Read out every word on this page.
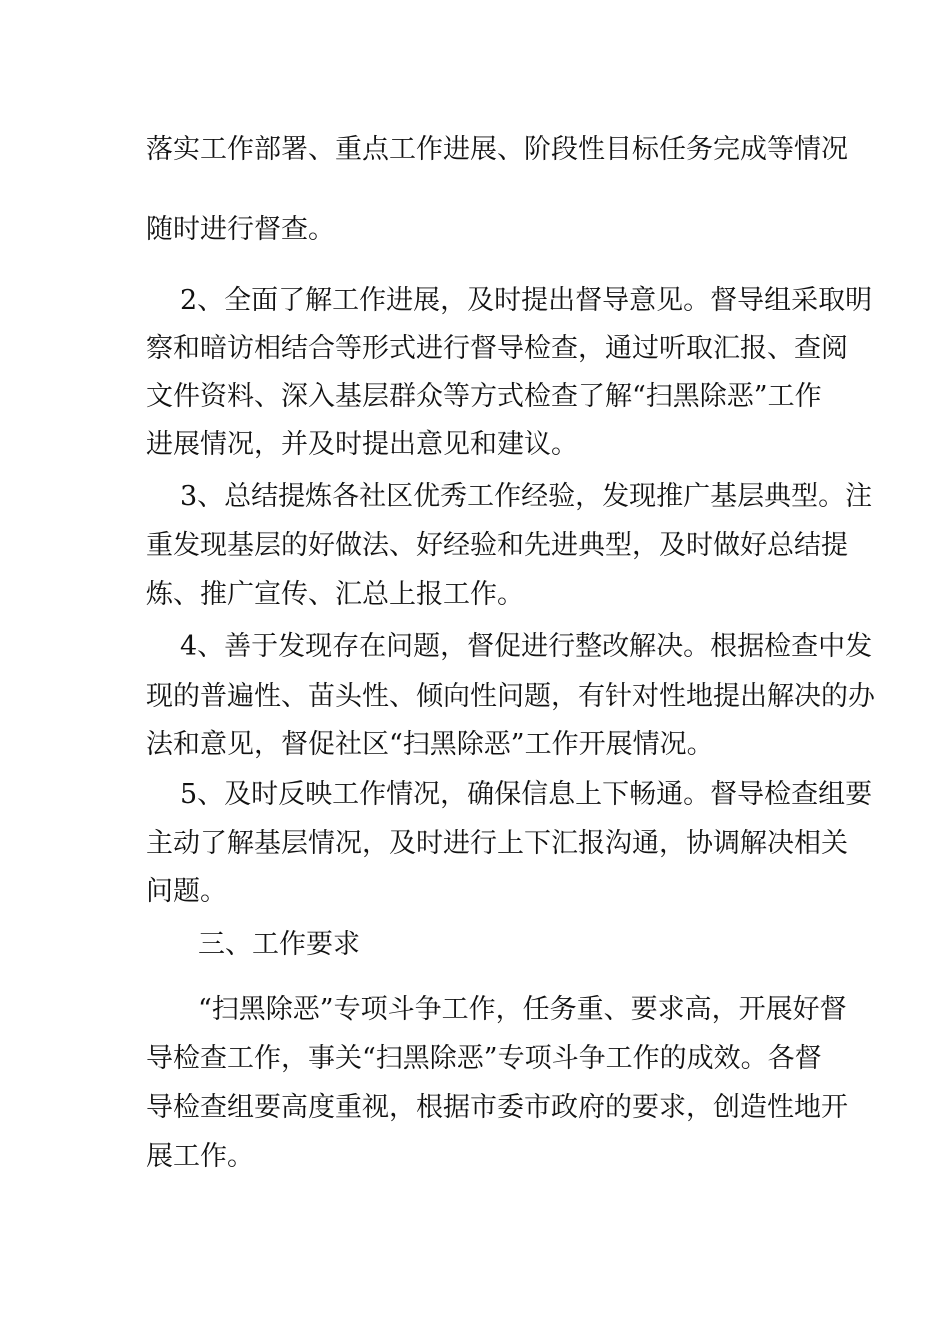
落实工作部署、重点工作进展、阶段性目标任务完成等情况
随时进行督查。
2、全面了解工作进展，及时提出督导意见。督导组采取明
察和暗访相结合等形式进行督导检查，通过听取汇报、查阅
文件资料、深入基层群众等方式检查了解“扫黑除恶”工作
进展情况，并及时提出意见和建议。
3、总结提炼各社区优秀工作经验，发现推广基层典型。注
重发现基层的好做法、好经验和先进典型，及时做好总结提
炼、推广宣传、汇总上报工作。
4、善于发现存在问题，督促进行整改解决。根据检查中发
现的普遍性、苗头性、倾向性问题，有针对性地提出解决的办
法和意见，督促社区“扫黑除恶”工作开展情况。
5、及时反映工作情况，确保信息上下畅通。督导检查组要
主动了解基层情况，及时进行上下汇报沟通，协调解决相关
问题。
三、工作要求
“扫黑除恶”专项斗争工作，任务重、要求高，开展好督
导检查工作，事关“扫黑除恶”专项斗争工作的成效。各督
导检查组要高度重视，根据市委市政府的要求，创造性地开
展工作。
